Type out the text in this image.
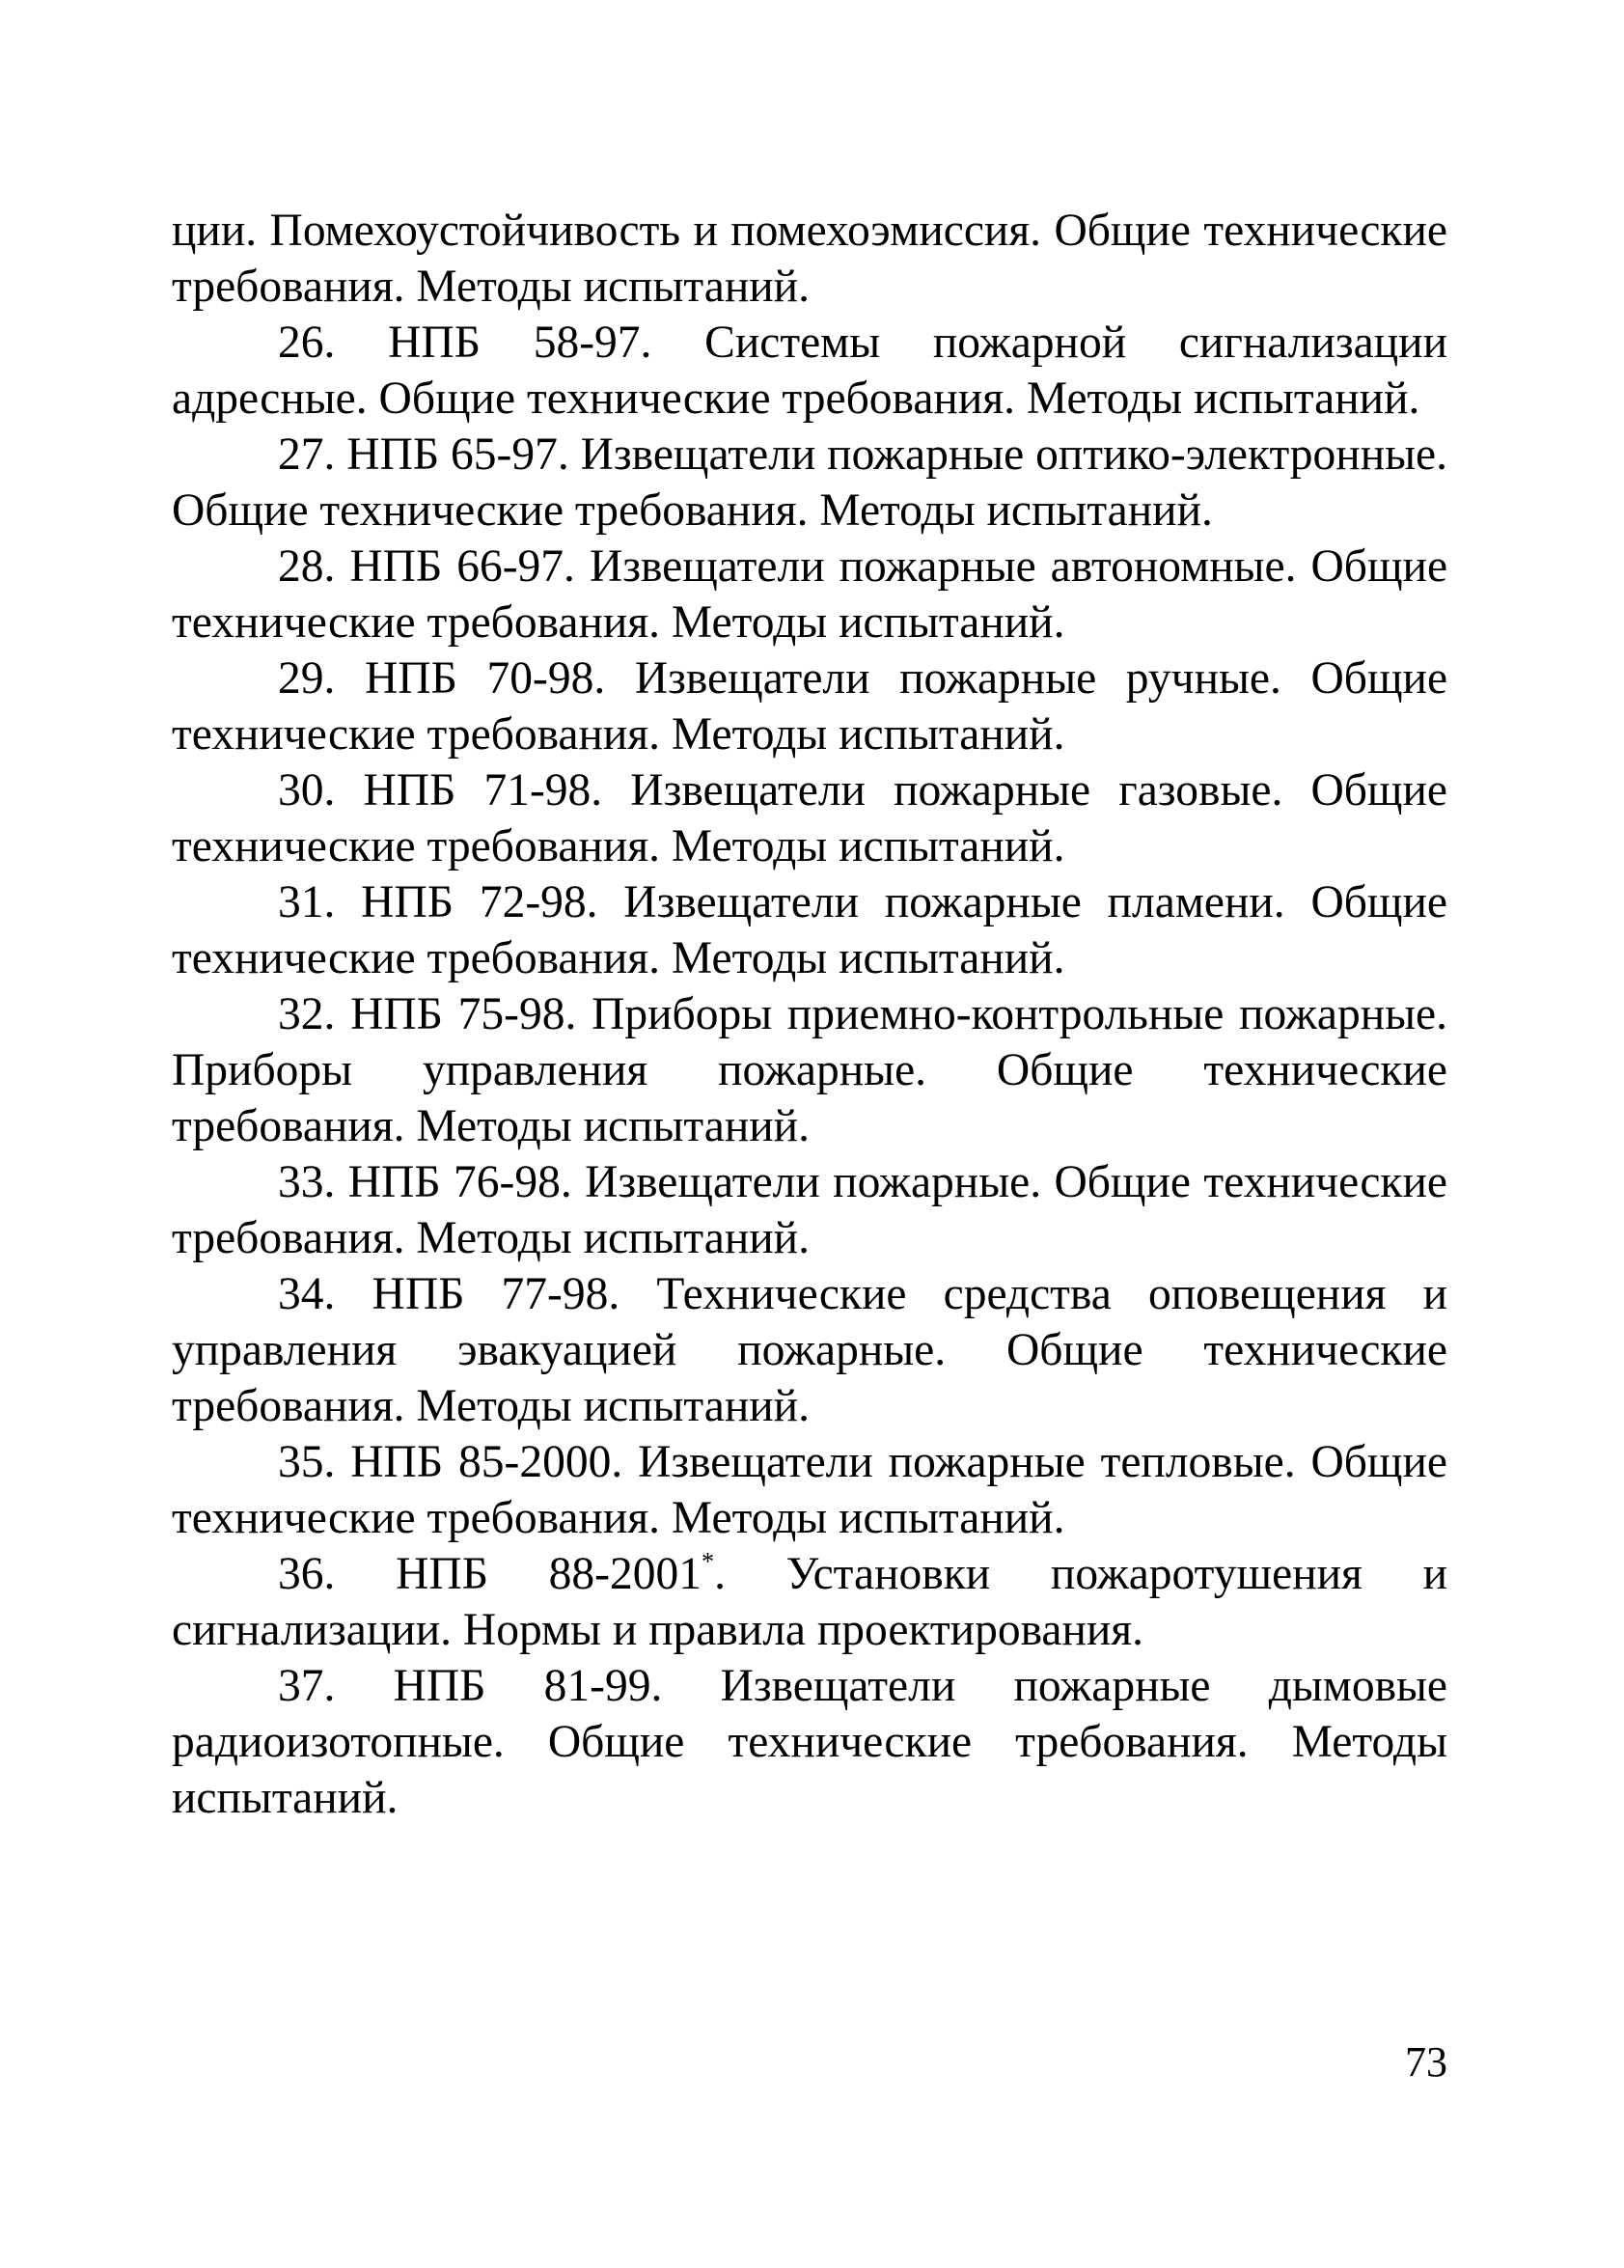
ции. Помехоустойчивость и помехоэмиссия. Общие технические требования. Методы испытаний.

26. НПБ 58-97. Системы пожарной сигнализации адресные. Общие технические требования. Методы испытаний.

27. НПБ 65-97. Извещатели пожарные оптико-электронные. Общие технические требования. Методы испытаний.

28. НПБ 66-97. Извещатели пожарные автономные. Общие технические требования. Методы испытаний.

29. НПБ 70-98. Извещатели пожарные ручные. Общие технические требования. Методы испытаний.

30. НПБ 71-98. Извещатели пожарные газовые. Общие технические требования. Методы испытаний.

31. НПБ 72-98. Извещатели пожарные пламени. Общие технические требования. Методы испытаний.

32. НПБ 75-98. Приборы приемно-контрольные пожарные. Приборы управления пожарные. Общие технические требования. Методы испытаний.

33. НПБ 76-98. Извещатели пожарные. Общие технические требования. Методы испытаний.

34. НПБ 77-98. Технические средства оповещения и управления эвакуацией пожарные. Общие технические требования. Методы испытаний.

35. НПБ 85-2000. Извещатели пожарные тепловые. Общие технические требования. Методы испытаний.

36. НПБ 88-2001*. Установки пожаротушения и сигнализации. Нормы и правила проектирования.

37. НПБ 81-99. Извещатели пожарные дымовые радиоизотопные. Общие технические требования. Методы испытаний.

73
